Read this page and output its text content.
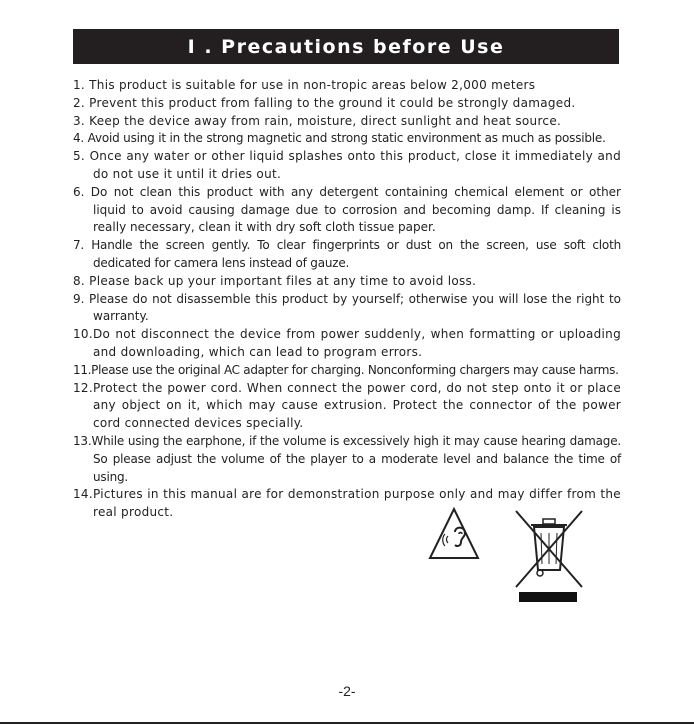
I . Precautions before Use
1. This product is suitable for use in non-tropic areas below 2,000 meters
2. Prevent this product from falling to the ground it could be strongly damaged.
3. Keep the device away from rain, moisture, direct sunlight and heat source.
4. Avoid using it in the strong magnetic and strong static environment as much as possible.
5. Once any water or other liquid splashes onto this product, close it immediately and do not use it until it dries out.
6. Do not clean this product with any detergent containing chemical element or other liquid to avoid causing damage due to corrosion and becoming damp. If cleaning is really necessary, clean it with dry soft cloth tissue paper.
7. Handle the screen gently. To clear fingerprints or dust on the screen, use soft cloth dedicated for camera lens instead of gauze.
8. Please back up your important files at any time to avoid loss.
9. Please do not disassemble this product by yourself; otherwise you will lose the right to warranty.
10.Do not disconnect the device from power suddenly, when formatting or uploading and downloading, which can lead to program errors.
11.Please use the original AC adapter for charging. Nonconforming chargers may cause harms.
12.Protect the power cord. When connect the power cord, do not step onto it or place any object on it, which may cause extrusion. Protect the connector of the power cord connected devices specially.
13.While using the earphone, if the volume is excessively high it may cause hearing damage. So please adjust the volume of the player to a moderate level and balance the time of using.
14.Pictures in this manual are for demonstration purpose only and may differ from the real product.
-2-
